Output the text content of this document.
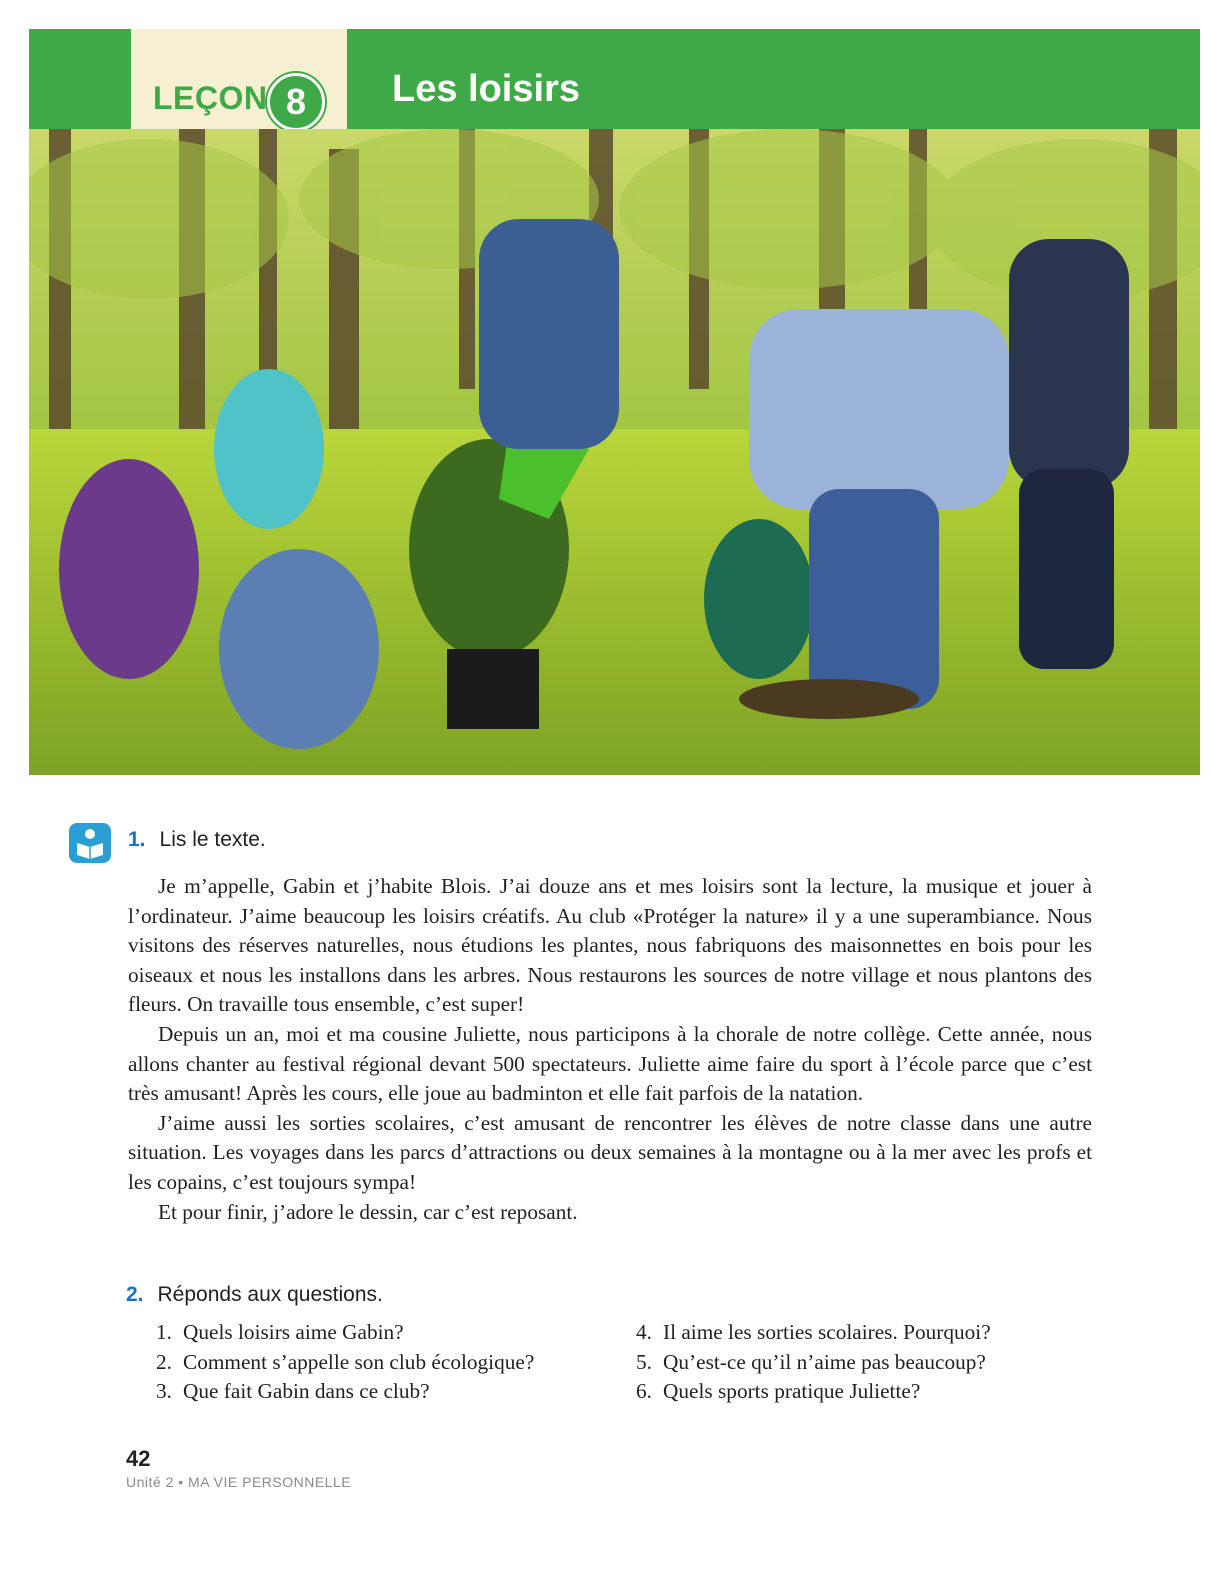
LEÇON 8	Les loisirs
1. Lis le texte.

Je m’appelle, Gabin et j’habite Blois. J’ai douze ans et mes loisirs sont la lecture, la musique et jouer à l’ordinateur. J’aime beaucoup les loisirs créatifs. Au club «Protéger la nature» il y a une superambiance. Nous visitons des réserves naturelles, nous étudions les plantes, nous fabriquons des maisonnettes en bois pour les oiseaux et nous les installons dans les arbres. Nous restaurons les sources de notre village et nous plantons des fleurs. On travaille tous ensemble, c’est super!

Depuis un an, moi et ma cousine Juliette, nous participons à la chorale de notre collège. Cette année, nous allons chanter au festival régional devant 500 spectateurs. Juliette aime faire du sport à l’école parce que c’est très amusant! Après les cours, elle joue au badminton et elle fait parfois de la natation.

J’aime aussi les sorties scolaires, c’est amusant de rencontrer les élèves de notre classe dans une autre situation. Les voyages dans les parcs d’attractions ou deux semaines à la montagne ou à la mer avec les profs et les copains, c’est toujours sympa!

Et pour finir, j’adore le dessin, car c’est reposant.

2. Réponds aux questions.
1. Quels loisirs aime Gabin?
2. Comment s’appelle son club écologique?
3. Que fait Gabin dans ce club?
4. Il aime les sorties scolaires. Pourquoi?
5. Qu’est-ce qu’il n’aime pas beaucoup?
6. Quels sports pratique Juliette?
42
Unité 2 • MA VIE PERSONNELLE
